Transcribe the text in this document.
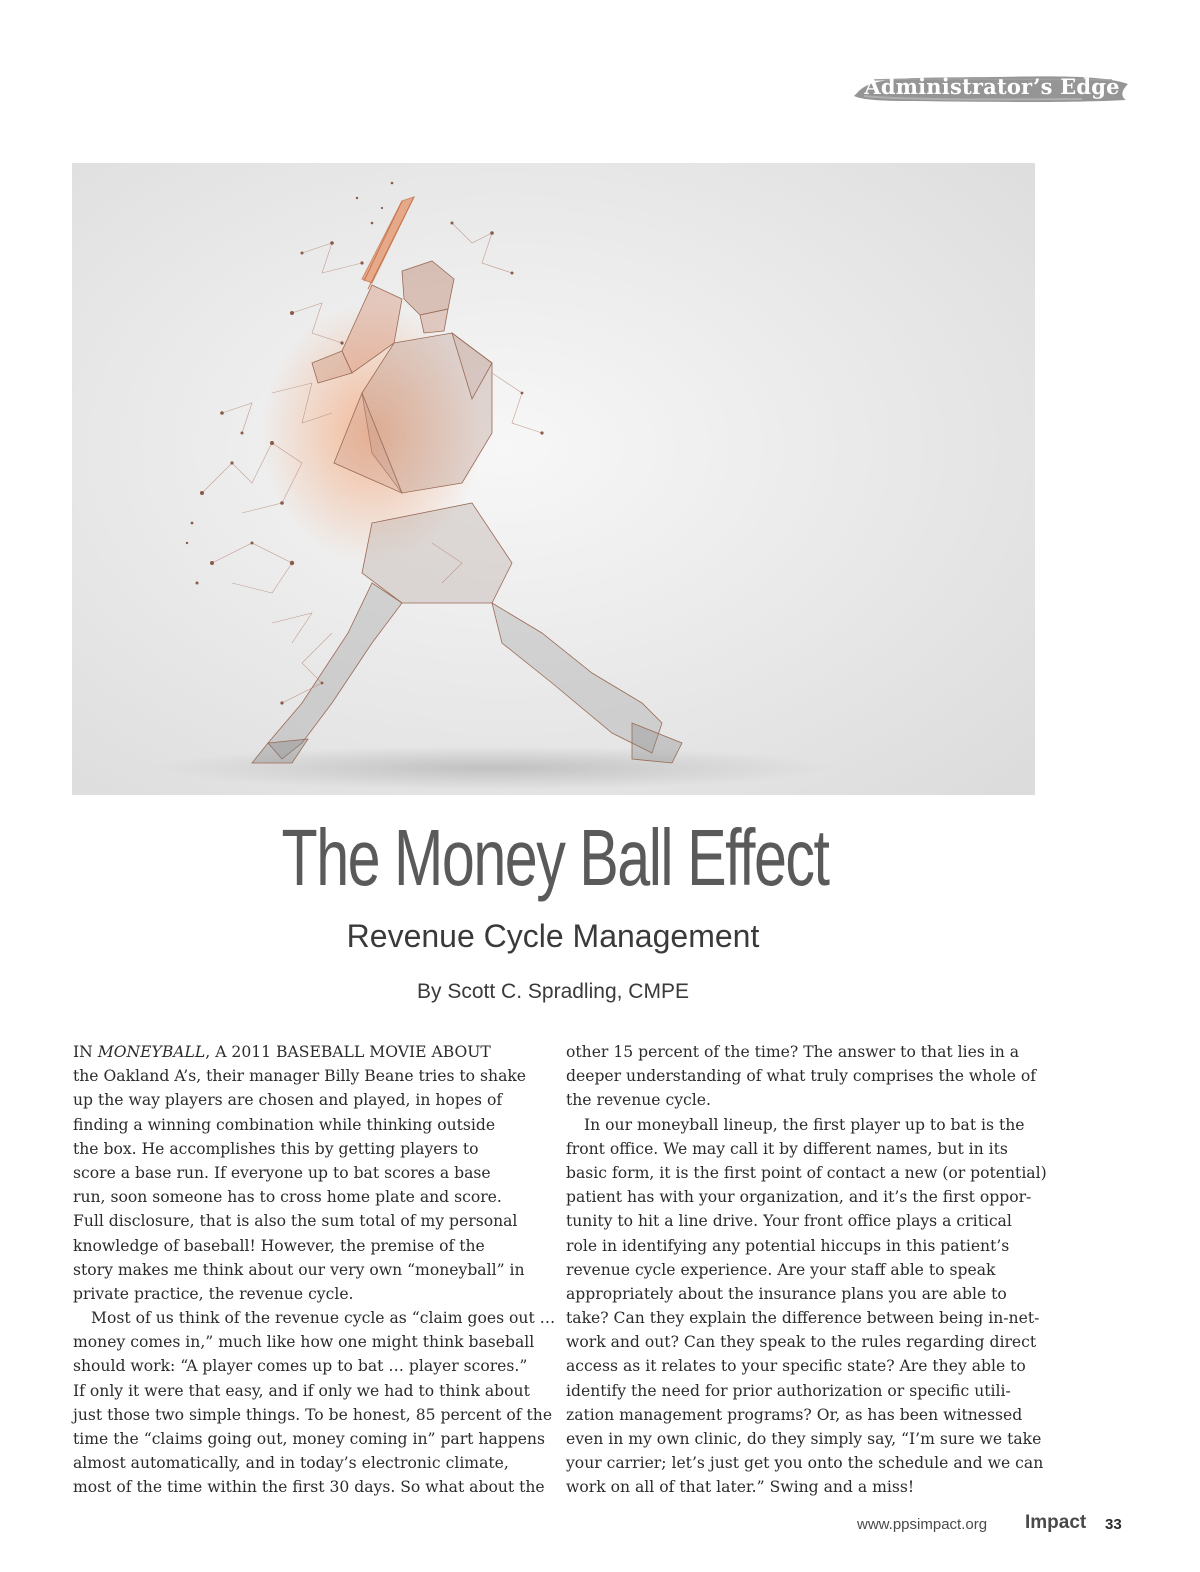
Administrator’s Edge
The Money Ball Effect
Revenue Cycle Management
By Scott C. Spradling, CMPE
IN MONEYBALL, A 2011 BASEBALL MOVIE ABOUT
the Oakland A’s, their manager Billy Beane tries to shake
up the way players are chosen and played, in hopes of
finding a winning combination while thinking outside
the box. He accomplishes this by getting players to
score a base run. If everyone up to bat scores a base
run, soon someone has to cross home plate and score.
Full disclosure, that is also the sum total of my personal
knowledge of baseball! However, the premise of the
story makes me think about our very own “moneyball” in
private practice, the revenue cycle.
Most of us think of the revenue cycle as “claim goes out …
money comes in,” much like how one might think baseball
should work: “A player comes up to bat … player scores.”
If only it were that easy, and if only we had to think about
just those two simple things. To be honest, 85 percent of the
time the “claims going out, money coming in” part happens
almost automatically, and in today’s electronic climate,
most of the time within the first 30 days. So what about the
other 15 percent of the time? The answer to that lies in a
deeper understanding of what truly comprises the whole of
the revenue cycle.
In our moneyball lineup, the first player up to bat is the
front office. We may call it by different names, but in its
basic form, it is the first point of contact a new (or potential)
patient has with your organization, and it’s the first oppor-
tunity to hit a line drive. Your front office plays a critical
role in identifying any potential hiccups in this patient’s
revenue cycle experience. Are your staff able to speak
appropriately about the insurance plans you are able to
take? Can they explain the difference between being in-net-
work and out? Can they speak to the rules regarding direct
access as it relates to your specific state? Are they able to
identify the need for prior authorization or specific utili-
zation management programs? Or, as has been witnessed
even in my own clinic, do they simply say, “I’m sure we take
your carrier; let’s just get you onto the schedule and we can
work on all of that later.” Swing and a miss!
www.ppsimpact.org Impact 33
